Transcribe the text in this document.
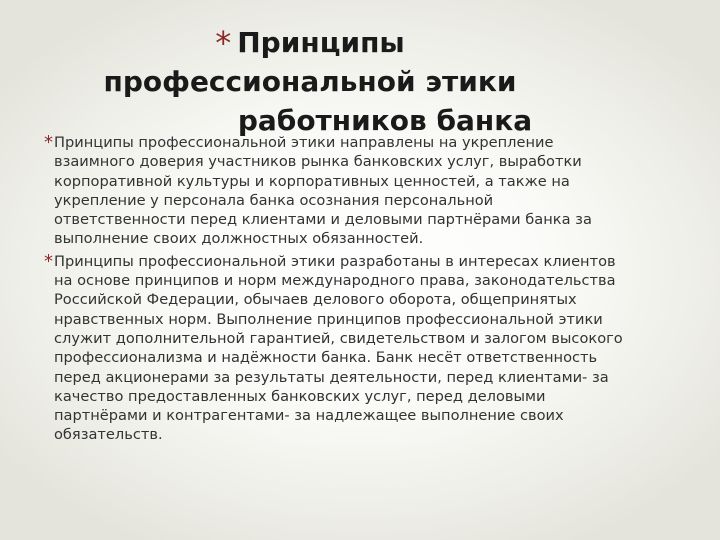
* Принципы
профессиональной этики
работников банка
* Принципы профессиональной этики направлены на укрепление
взаимного доверия участников рынка банковских услуг, выработки
корпоративной культуры и корпоративных ценностей, а также на
укрепление у персонала банка осознания персональной
ответственности перед клиентами и деловыми партнёрами банка за
выполнение своих должностных обязанностей.
* Принципы профессиональной этики разработаны в интересах клиентов
на основе принципов и норм международного права, законодательства
Российской Федерации, обычаев делового оборота, общепринятых
нравственных норм. Выполнение принципов профессиональной этики
служит дополнительной гарантией, свидетельством и залогом высокого
профессионализма и надёжности банка. Банк несёт ответственность
перед акционерами за результаты деятельности, перед клиентами- за
качество предоставленных банковских услуг, перед деловыми
партнёрами и контрагентами- за надлежащее выполнение своих
обязательств.
